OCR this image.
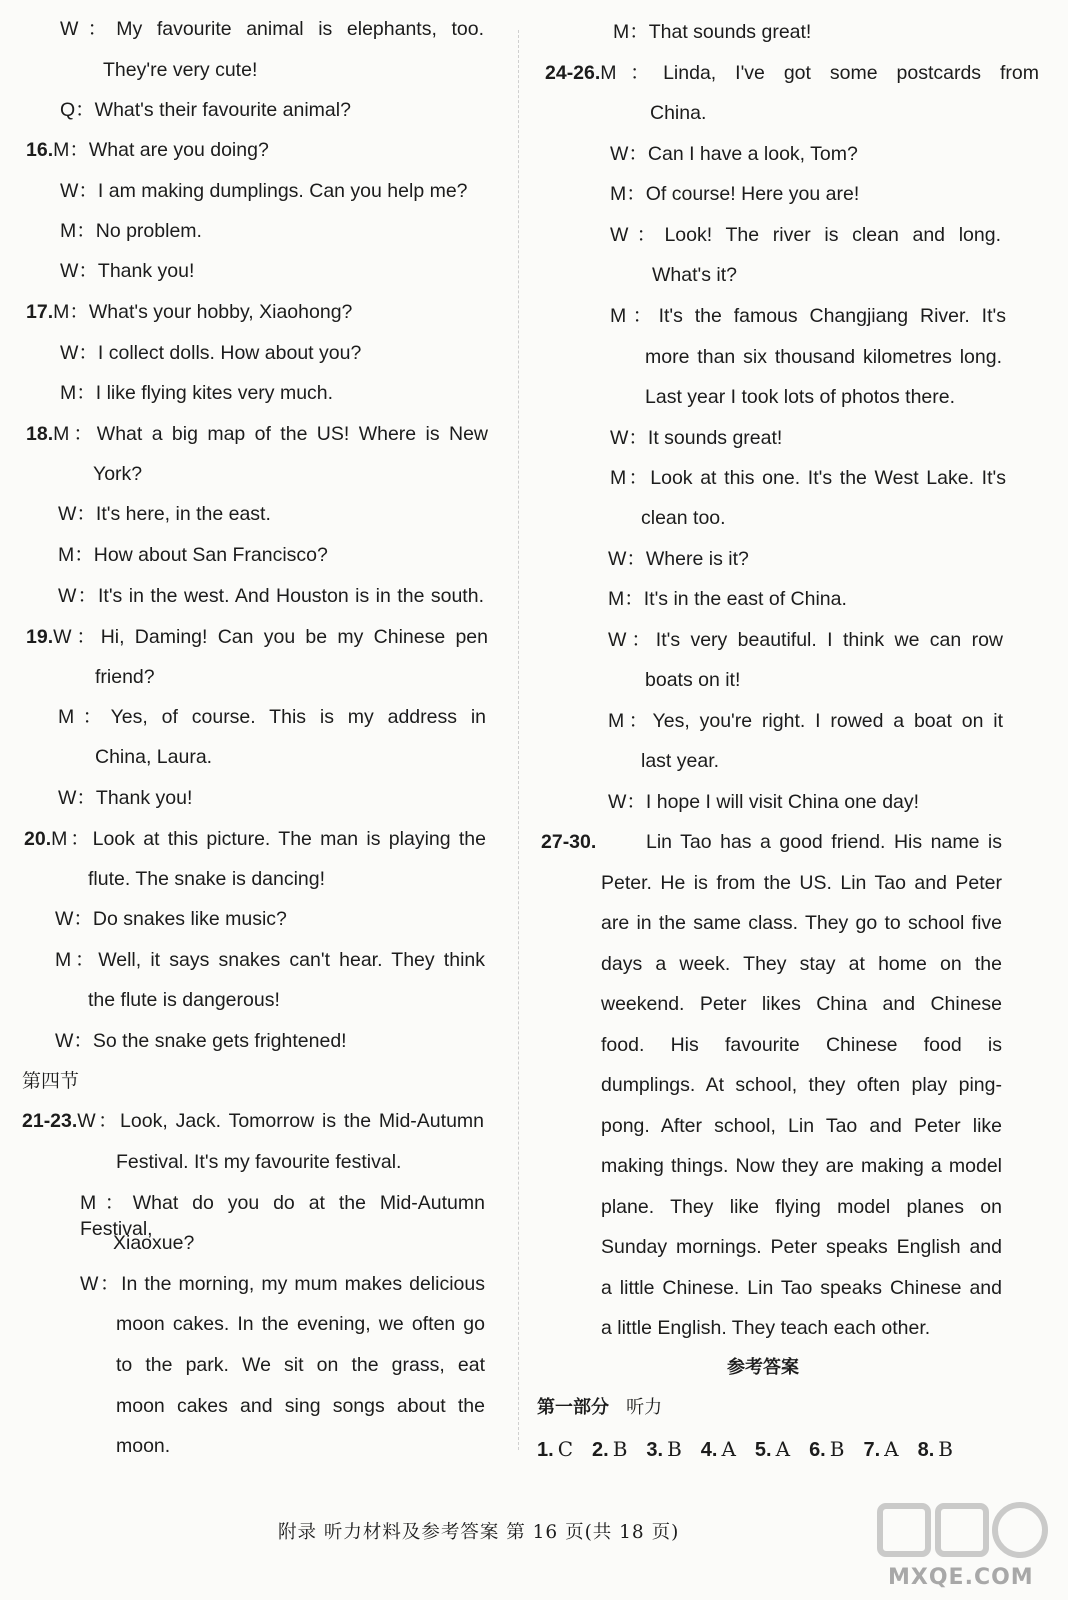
W：My favourite animal is elephants, too.
They're very cute!
Q：What's their favourite animal?
16.M：What are you doing?
W：I am making dumplings. Can you help me?
M：No problem.
W：Thank you!
17.M：What's your hobby, Xiaohong?
W：I collect dolls. How about you?
M：I like flying kites very much.
18.M：What a big map of the US! Where is New
York?
W：It's here, in the east.
M：How about San Francisco?
W：It's in the west. And Houston is in the south.
19.W：Hi, Daming! Can you be my Chinese pen
friend?
M：Yes, of course. This is my address in
China, Laura.
W：Thank you!
20.M：Look at this picture. The man is playing the
flute. The snake is dancing!
W：Do snakes like music?
M：Well, it says snakes can't hear. They think
the flute is dangerous!
W：So the snake gets frightened!
第四节
21-23.W：Look, Jack. Tomorrow is the Mid-Autumn
Festival. It's my favourite festival.
M：What do you do at the Mid-Autumn Festival,
Xiaoxue?
W：In the morning, my mum makes delicious
moon cakes. In the evening, we often go
to the park. We sit on the grass, eat
moon cakes and sing songs about the
moon.
参考答案
第一部分 听力
1. C 2. B 3. B 4. A 5. A 6. B 7. A 8. B
M：That sounds great!
24-26.M：Linda, I've got some postcards from
China.
W：Can I have a look, Tom?
M：Of course! Here you are!
W：Look! The river is clean and long.
What's it?
M：It's the famous Changjiang River. It's
more than six thousand kilometres long.
Last year I took lots of photos there.
W：It sounds great!
M：Look at this one. It's the West Lake. It's
clean too.
W：Where is it?
M：It's in the east of China.
W：It's very beautiful. I think we can row
boats on it!
M：Yes, you're right. I rowed a boat on it
last year.
W：I hope I will visit China one day!
27-30.	Lin Tao has a good friend. His name is
Peter. He is from the US. Lin Tao and Peter
are in the same class. They go to school five
days a week. They stay at home on the
weekend. Peter likes China and Chinese
food. His favourite Chinese food is
dumplings. At school, they often play ping-
pong. After school, Lin Tao and Peter like
making things. Now they are making a model
plane. They like flying model planes on
Sunday mornings. Peter speaks English and
a little Chinese. Lin Tao speaks Chinese and
a little English. They teach each other.
附录 听力材料及参考答案 第 16 页(共 18 页)
MXQE.COM
